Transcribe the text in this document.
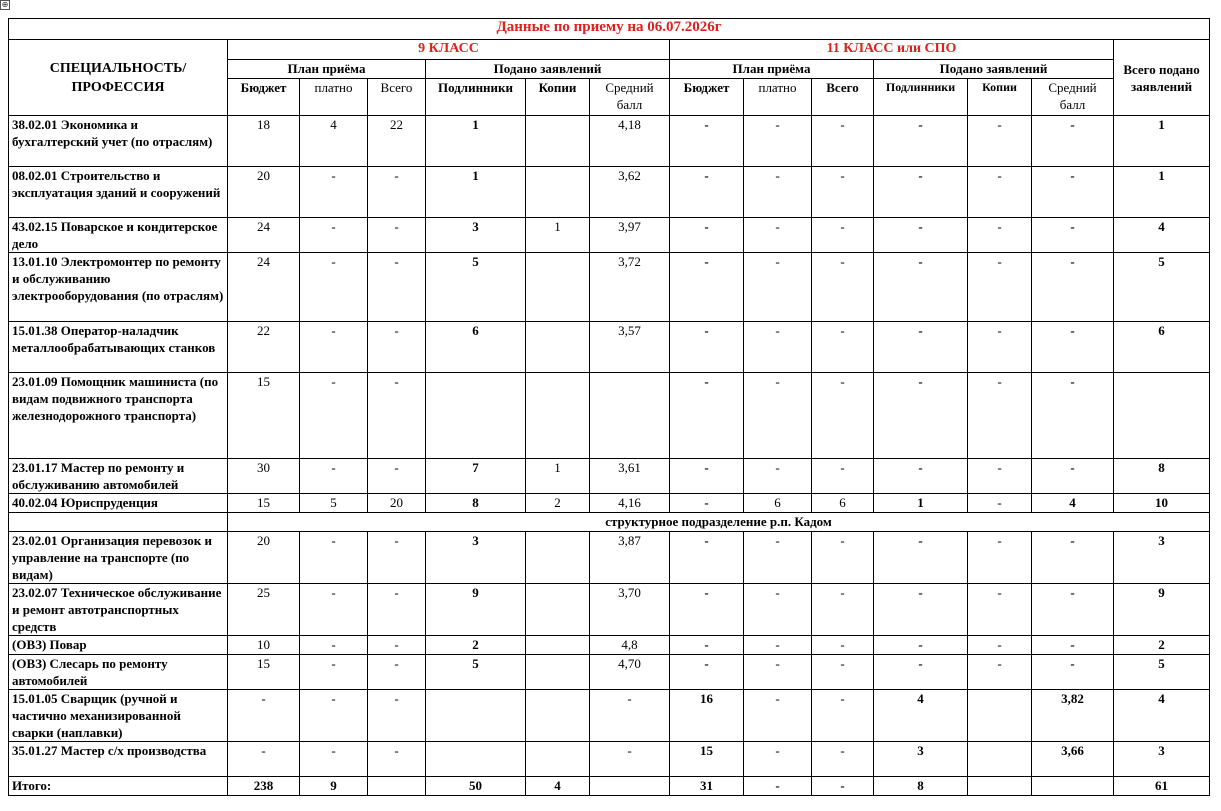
⊕
Данные по приему на 06.07.2026г													
СПЕЦИАЛЬНОСТЬ/ ПРОФЕССИЯ	9 КЛАСС						11 КЛАСС или СПО						Всего подано заявлений
	План приёма			Подано заявлений			План приёма			Подано заявлений			
	Бюджет	платно	Всего	Подлинники	Копии	Средний балл	Бюджет	платно	Всего	Подлинники	Копии	Средний балл	
38.02.01 Экономика и бухгалтерский учет (по отраслям)	18	4	22	1		4,18	-	-	-	-	-	-	1
08.02.01 Строительство и эксплуатация зданий и сооружений	20	-	-	1		3,62	-	-	-	-	-	-	1
43.02.15 Поварское и кондитерское дело	24	-	-	3	1	3,97	-	-	-	-	-	-	4
13.01.10 Электромонтер по ремонту и обслуживанию электрооборудования (по отраслям)	24	-	-	5		3,72	-	-	-	-	-	-	5
15.01.38 Оператор-наладчик металлообрабатывающих станков	22	-	-	6		3,57	-	-	-	-	-	-	6
23.01.09 Помощник машиниста (по видам подвижного транспорта железнодорожного транспорта)	15	-	-				-	-	-	-	-	-	
23.01.17 Мастер по ремонту и обслуживанию автомобилей	30	-	-	7	1	3,61	-	-	-	-	-	-	8
40.02.04 Юриспруденция	15	5	20	8	2	4,16	-	6	6	1	-	4	10
	структурное подразделение р.п. Кадом												
23.02.01 Организация перевозок и управление на транспорте (по видам)	20	-	-	3		3,87	-	-	-	-	-	-	3
23.02.07 Техническое обслуживание и ремонт автотранспортных средств	25	-	-	9		3,70	-	-	-	-	-	-	9
(ОВЗ) Повар	10	-	-	2		4,8	-	-	-	-	-	-	2
(ОВЗ) Слесарь по ремонту автомобилей	15	-	-	5		4,70	-	-	-	-	-	-	5
15.01.05 Сварщик (ручной и частично механизированной сварки (наплавки)	-	-	-			-	16	-	-	4		3,82	4
35.01.27 Мастер с/х производства	-	-	-			-	15	-	-	3		3,66	3
Итого:	238	9		50	4		31	-	-	8			61
